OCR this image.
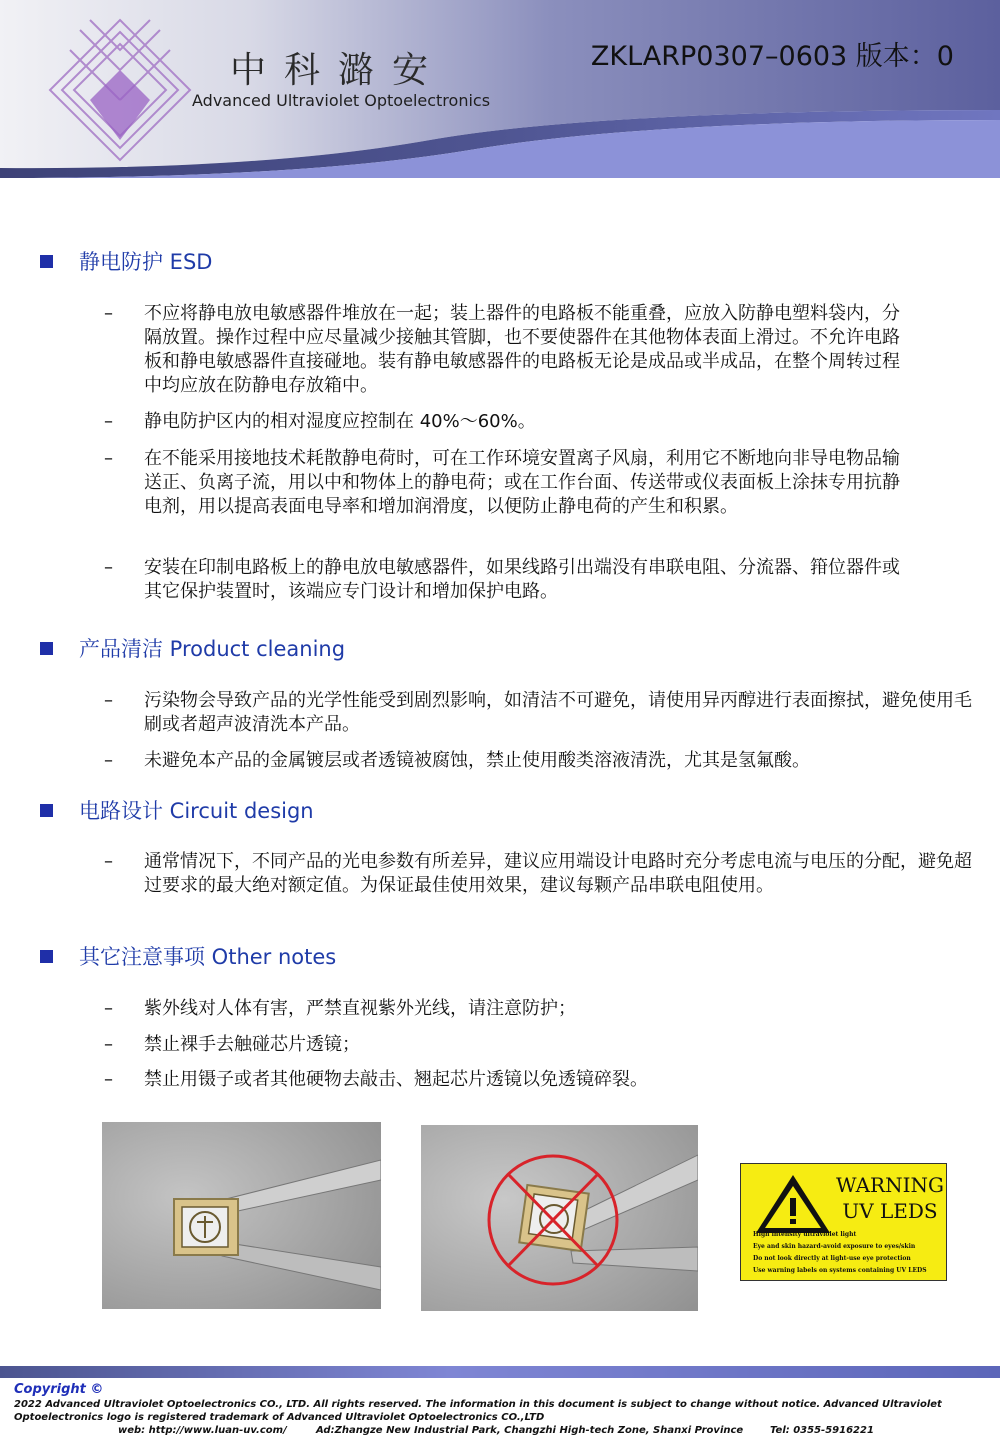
中科潞安
Advanced Ultraviolet Optoelectronics
ZKLARP0307–0603 版本：0
静电防护 ESD
–	不应将静电放电敏感器件堆放在一起；装上器件的电路板不能重叠，应放入防静电塑料袋内，分隔放置。操作过程中应尽量减少接触其管脚，也不要使器件在其他物体表面上滑过。不允许电路板和静电敏感器件直接碰地。装有静电敏感器件的电路板无论是成品或半成品，在整个周转过程中均应放在防静电存放箱中。
–	静电防护区内的相对湿度应控制在 40%～60%。
–	在不能采用接地技术耗散静电荷时，可在工作环境安置离子风扇，利用它不断地向非导电物品输送正、负离子流，用以中和物体上的静电荷；或在工作台面、传送带或仪表面板上涂抹专用抗静电剂，用以提高表面电导率和增加润滑度，以便防止静电荷的产生和积累。
–	安装在印制电路板上的静电放电敏感器件，如果线路引出端没有串联电阻、分流器、箝位器件或其它保护装置时，该端应专门设计和增加保护电路。
产品清洁 Product cleaning
–	污染物会导致产品的光学性能受到剧烈影响，如清洁不可避免，请使用异丙醇进行表面擦拭，避免使用毛刷或者超声波清洗本产品。
–	未避免本产品的金属镀层或者透镜被腐蚀，禁止使用酸类溶液清洗，尤其是氢氟酸。
电路设计 Circuit design
–	通常情况下，不同产品的光电参数有所差异，建议应用端设计电路时充分考虑电流与电压的分配，避免超过要求的最大绝对额定值。为保证最佳使用效果，建议每颗产品串联电阻使用。
其它注意事项 Other notes
–	紫外线对人体有害，严禁直视紫外光线，请注意防护；
–	禁止裸手去触碰芯片透镜；
–	禁止用镊子或者其他硬物去敲击、翘起芯片透镜以免透镜碎裂。
WARNING
UV LEDS
High intensity ultraviolet light
Eye and skin hazard-avoid exposure to eyes/skin
Do not look directly at light-use eye protection
Use warning labels on systems containing UV LEDS
Copyright ©
2022 Advanced Ultraviolet Optoelectronics CO., LTD. All rights reserved. The information in this document is subject to change without notice. Advanced Ultraviolet Optoelectronics logo is registered trademark of Advanced Ultraviolet Optoelectronics CO.,LTD
web: http://www.luan-uv.com/	Ad:Zhangze New Industrial Park, Changzhi High-tech Zone, Shanxi Province	Tel: 0355-5916221
